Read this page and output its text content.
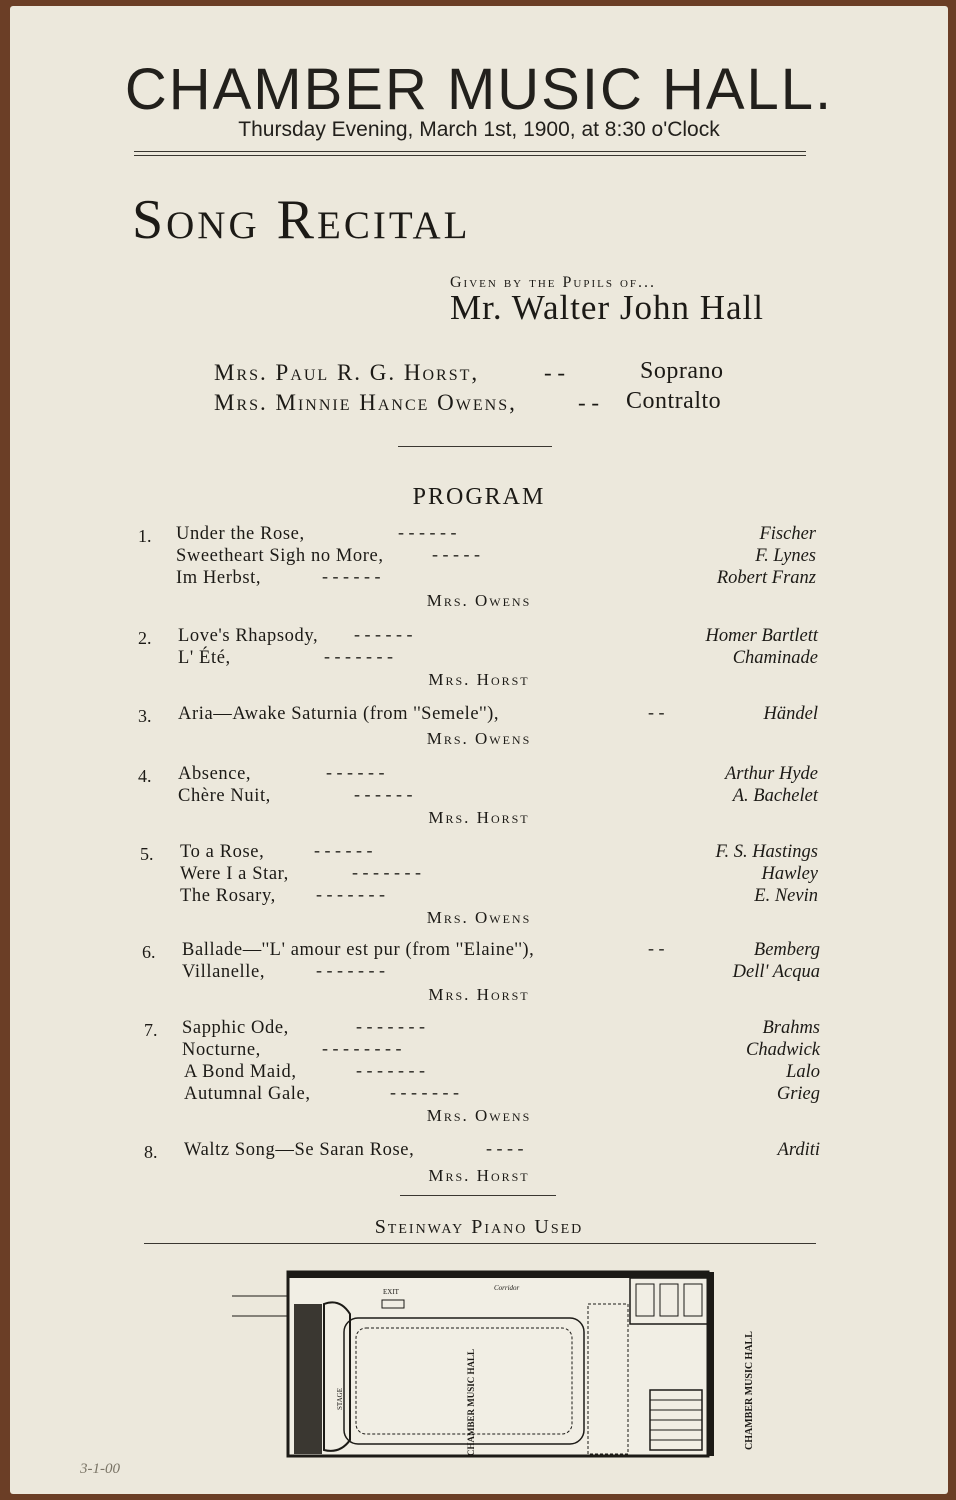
CHAMBER MUSIC HALL.
Thursday Evening, March 1st, 1900, at 8:30 o'Clock
Song Recital
Given by the Pupils of...
Mr. Walter John Hall
Mrs. Paul R. G. Horst,	- -	Soprano
Mrs. Minnie Hance Owens,	- - Contralto
PROGRAM
1. Under the Rose,	- - - - - -	Fischer
Sweetheart Sigh no More,	- - - - -	F. Lynes
Im Herbst,	- - - - - -	Robert Franz
Mrs. Owens
2. Love's Rhapsody, - - - - - -	Homer Bartlett
L' Été,	- - - - - - -	Chaminade
Mrs. Horst
3. Aria—Awake Saturnia (from ''Semele''),	- -	Händel
Mrs. Owens
4. Absence,	- - - - - -	Arthur Hyde
Chère Nuit,	- - - - - -	A. Bachelet
Mrs. Horst
5. To a Rose,	- - - - - -	F. S. Hastings
Were I a Star,	- - - - - - -	Hawley
The Rosary, - - - - - - -	E. Nevin
Mrs. Owens
6. Ballade—''L' amour est pur (from ''Elaine''),	- -	Bemberg
Villanelle,	- - - - - - -	Dell' Acqua
Mrs. Horst
7. Sapphic Ode,	- - - - - - -	Brahms
Nocturne,	- - - - - - - -	Chadwick
A Bond Maid,	- - - - - - -	Lalo
Autumnal Gale,	- - - - - - -	Grieg
Mrs. Owens
8. Waltz Song—Se Saran Rose,	- - - -	Arditi
Mrs. Horst
Steinway Piano Used
EXIT	Corridor
STAGE	CHAMBER MUSIC HALL	CHAMBER MUSIC HALL
3-1-00
